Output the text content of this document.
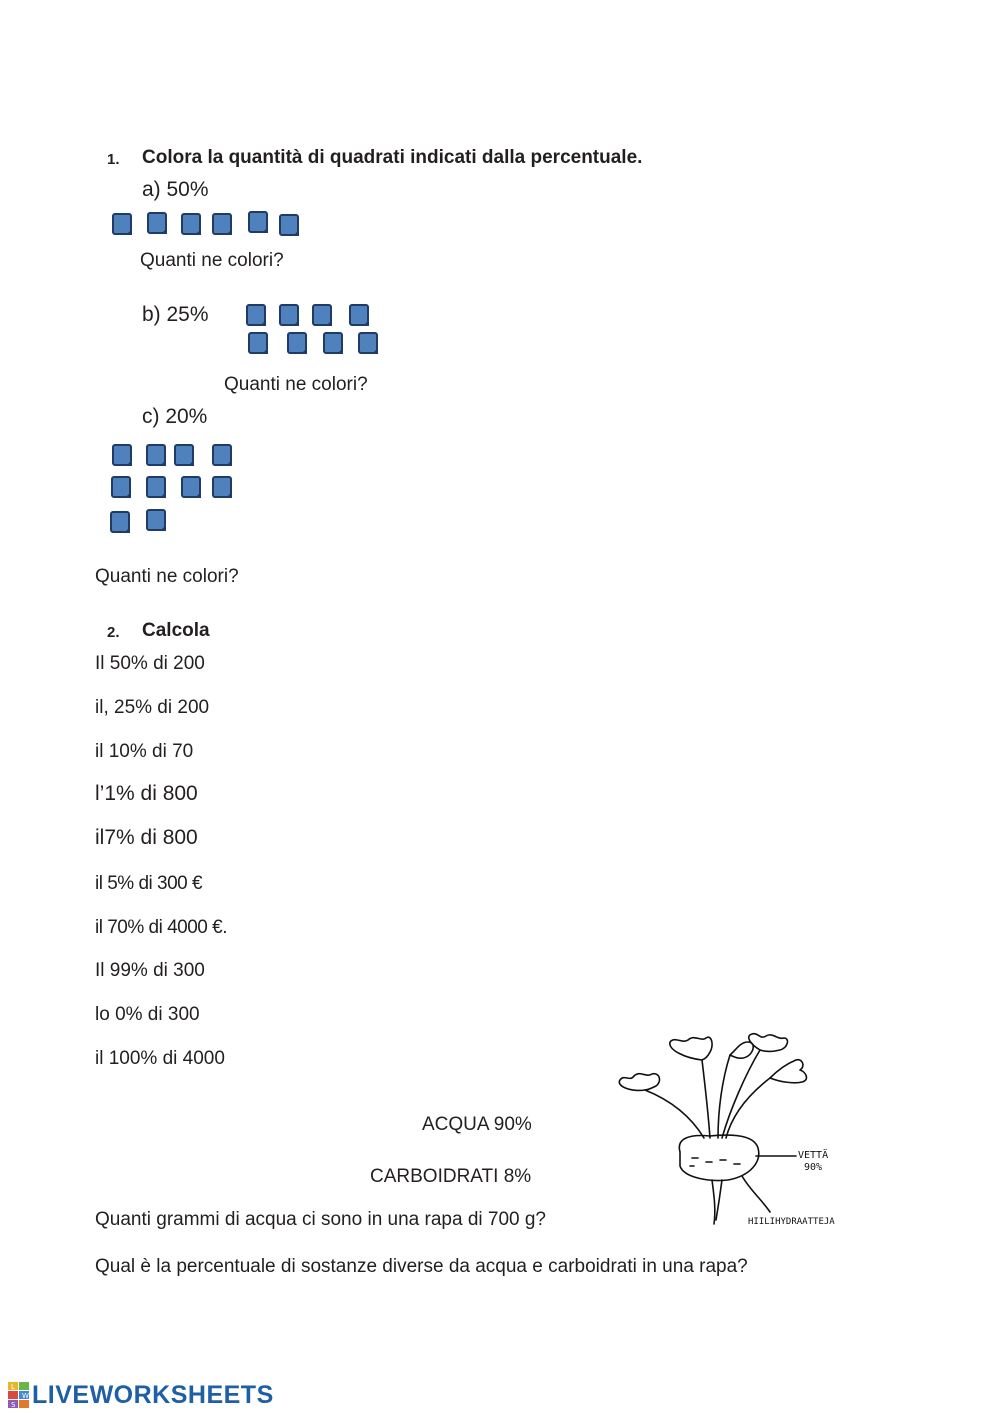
1. Colora la quantità di quadrati indicati dalla percentuale.
a) 50%
Quanti ne colori?
b) 25%
Quanti ne colori?
c) 20%
Quanti ne colori?
2. Calcola
Il 50% di 200
il, 25% di 200
il 10% di 70
l’1% di 800
il7% di 800
il 5% di 300 €
il 70% di 4000 €.
Il 99% di 300
lo 0% di 300
il 100% di 4000
ACQUA 90%
CARBOIDRATI 8%
Quanti grammi di acqua ci sono in una rapa di 700 g?
Qual è la percentuale di sostanze diverse da acqua e carboidrati in una rapa?
VETTÄ
90%
HIILIHYDRAATTEJA
L
W
S LIVEWORKSHEETS
